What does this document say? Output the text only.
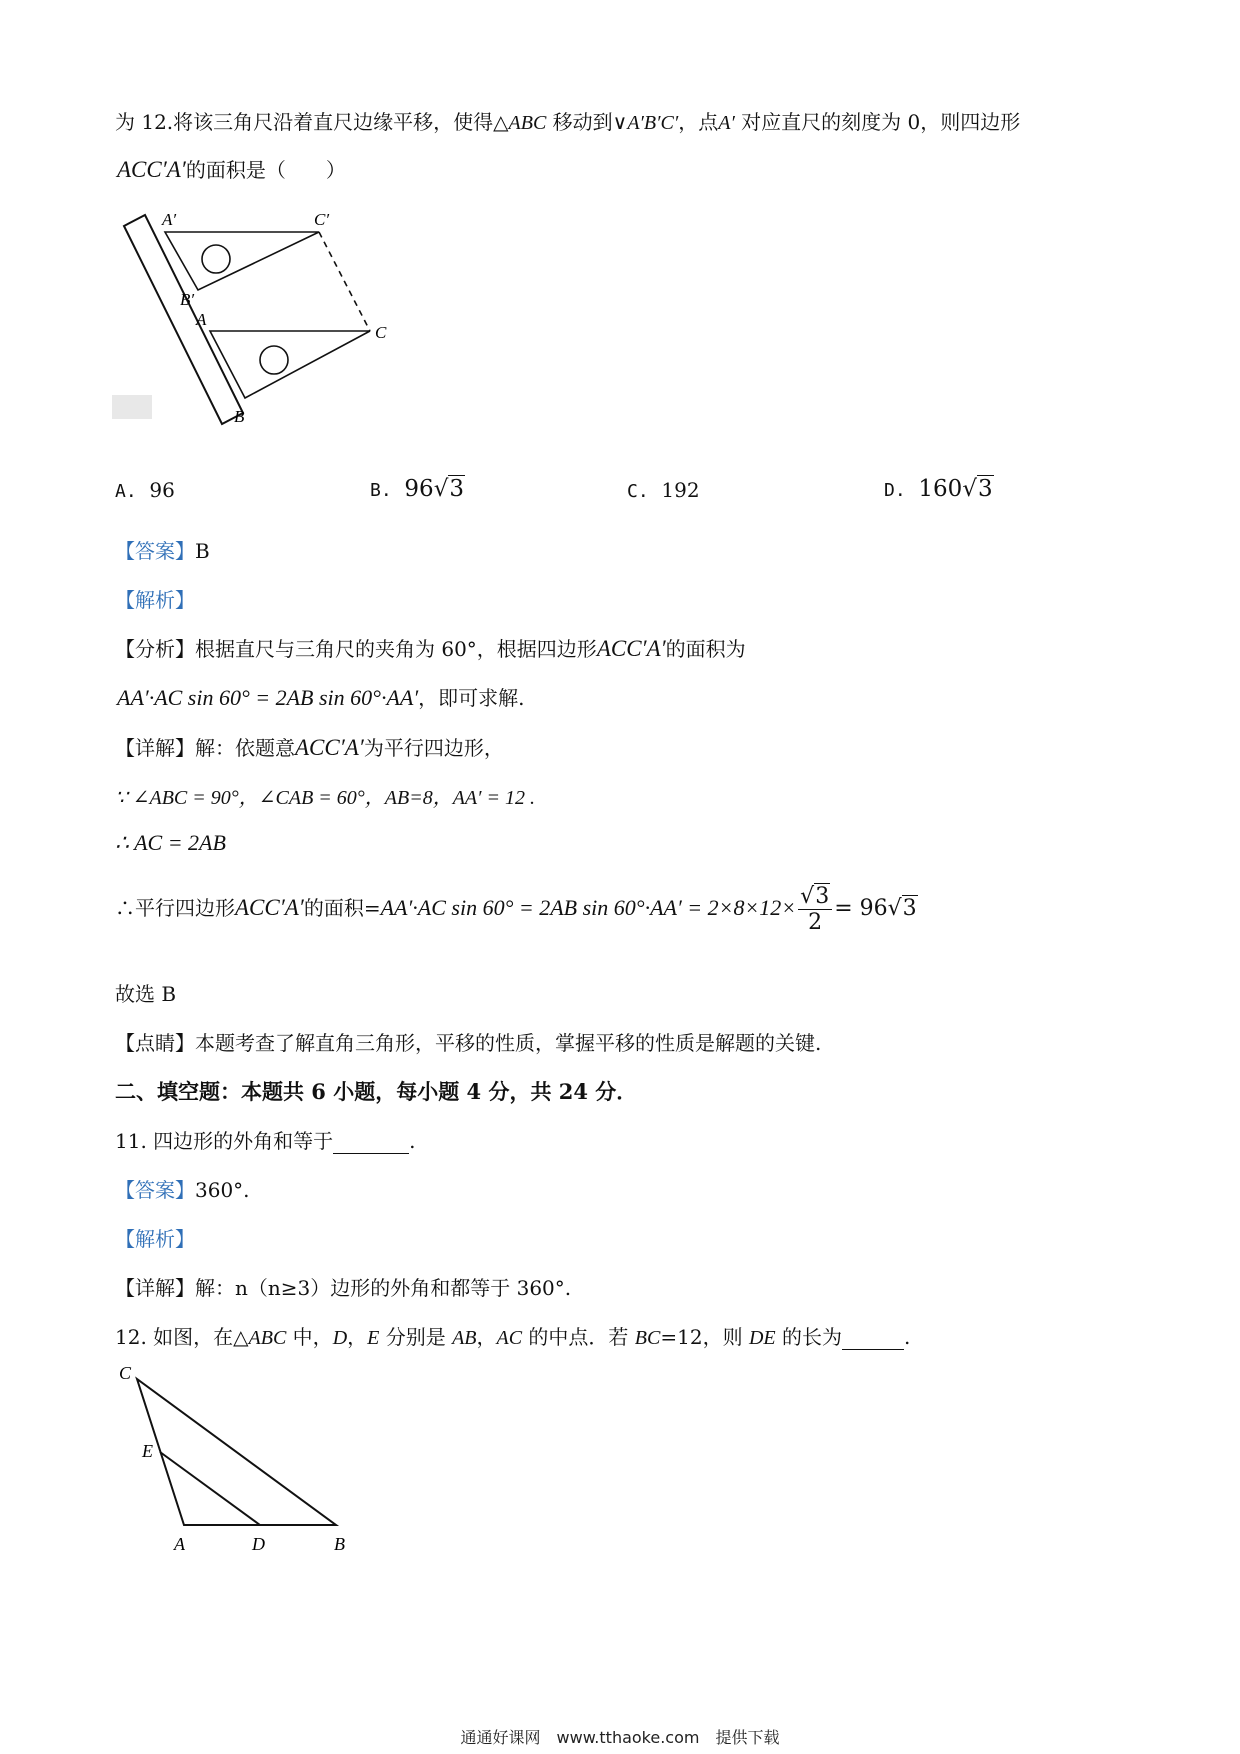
为 12.将该三角尺沿着直尺边缘平移，使得△ABC 移动到∨A′B′C′，点A′ 对应直尺的刻度为 0，则四边形
ACC′A′的面积是（　　）
A′	C′
B′
A
C
B
A. 96	B. 96√3	C. 192	D. 160√3
【答案】B
【解析】
【分析】根据直尺与三角尺的夹角为 60°，根据四边形ACC′A′的面积为
AA′·AC sin 60° = 2AB sin 60°·AA′，即可求解.
【详解】解：依题意ACC′A′为平行四边形，
∵ ∠ABC = 90°，∠CAB = 60°，AB=8，AA′ = 12 .
∴ AC = 2AB
∴平行四边形ACC′A′的面积=AA′·AC sin 60° = 2AB $\sin 60^\circ\cdot AA' = 2\times 8\times 12\times \frac{√3}{2} = 96√3$
故选 B
【点睛】本题考查了解直角三角形，平移的性质，掌握平移的性质是解题的关键.
二、填空题：本题共 6 小题，每小题 4 分，共 24 分．
11. 四边形的外角和等于	.
【答案】360°.
【解析】
【详解】解：n（n≥3）边形的外角和都等于 360°.
12. 如图，在△ABC 中，D，E 分别是 AB，AC 的中点．若 BC=12，则 DE 的长为	.
C
E
A	D	B
通通好课网　www.tthaoke.com　提供下载
